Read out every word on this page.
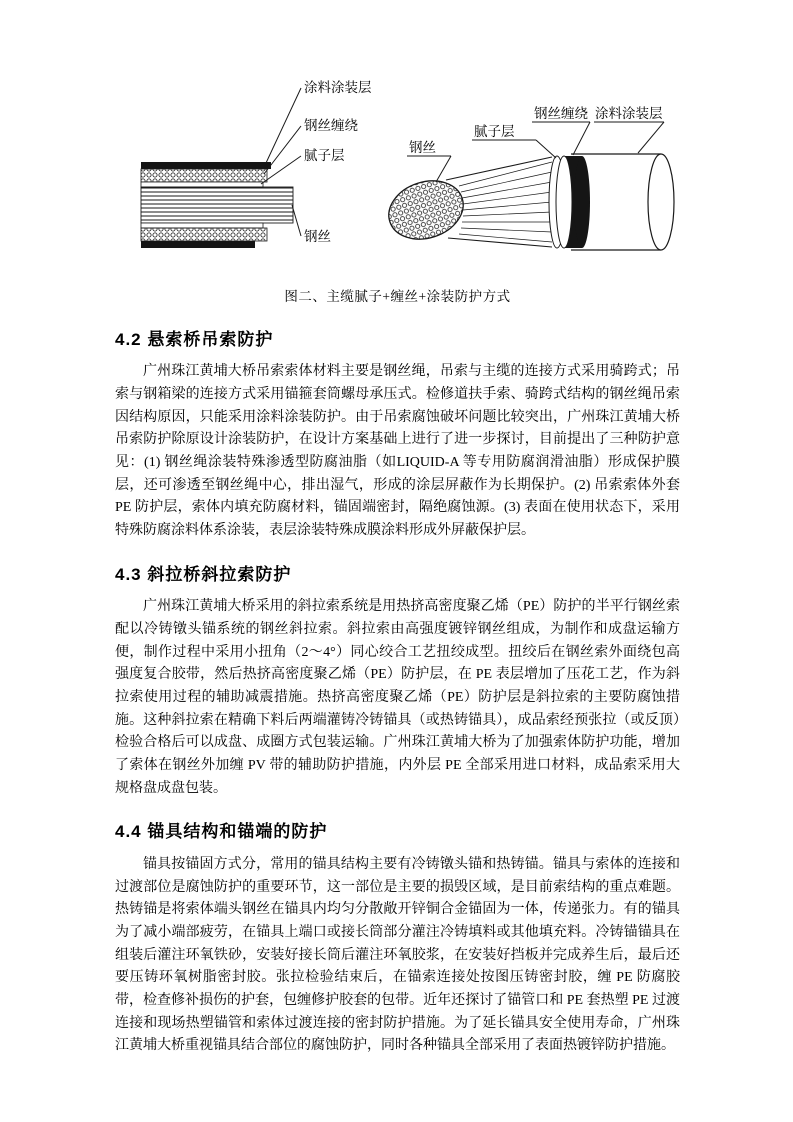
涂料涂装层
钢丝缠绕
腻子层
钢丝
钢丝
腻子层
钢丝缠绕 涂料涂装层
图二、主缆腻子+缠丝+涂装防护方式
4.2 悬索桥吊索防护

广州珠江黄埔大桥吊索索体材料主要是钢丝绳，吊索与主缆的连接方式采用骑跨式；吊索与钢箱梁的连接方式采用锚箍套筒螺母承压式。检修道扶手索、骑跨式结构的钢丝绳吊索因结构原因，只能采用涂料涂装防护。由于吊索腐蚀破坏问题比较突出，广州珠江黄埔大桥吊索防护除原设计涂装防护，在设计方案基础上进行了进一步探讨，目前提出了三种防护意见：(1) 钢丝绳涂装特殊渗透型防腐油脂（如LIQUID-A 等专用防腐润滑油脂）形成保护膜层，还可渗透至钢丝绳中心，排出湿气，形成的涂层屏蔽作为长期保护。(2) 吊索索体外套 PE 防护层，索体内填充防腐材料，锚固端密封，隔绝腐蚀源。(3) 表面在使用状态下，采用特殊防腐涂料体系涂装，表层涂装特殊成膜涂料形成外屏蔽保护层。

4.3 斜拉桥斜拉索防护

广州珠江黄埔大桥采用的斜拉索系统是用热挤高密度聚乙烯（PE）防护的半平行钢丝索配以冷铸镦头锚系统的钢丝斜拉索。斜拉索由高强度镀锌钢丝组成，为制作和成盘运输方便，制作过程中采用小扭角（2～4°）同心绞合工艺扭绞成型。扭绞后在钢丝索外面绕包高强度复合胶带，然后热挤高密度聚乙烯（PE）防护层，在 PE 表层增加了压花工艺，作为斜拉索使用过程的辅助减震措施。热挤高密度聚乙烯（PE）防护层是斜拉索的主要防腐蚀措施。这种斜拉索在精确下料后两端灌铸冷铸锚具（或热铸锚具），成品索经预张拉（或反顶）检验合格后可以成盘、成圈方式包装运输。广州珠江黄埔大桥为了加强索体防护功能，增加了索体在钢丝外加缠 PV 带的辅助防护措施，内外层 PE 全部采用进口材料，成品索采用大规格盘成盘包装。

4.4 锚具结构和锚端的防护

锚具按锚固方式分，常用的锚具结构主要有冷铸镦头锚和热铸锚。锚具与索体的连接和过渡部位是腐蚀防护的重要环节，这一部位是主要的损毁区域，是目前索结构的重点难题。热铸锚是将索体端头钢丝在锚具内均匀分散敞开锌铜合金锚固为一体，传递张力。有的锚具为了减小端部疲劳，在锚具上端口或接长筒部分灌注冷铸填料或其他填充料。冷铸锚锚具在组装后灌注环氧铁砂，安装好接长筒后灌注环氧胶浆，在安装好挡板并完成养生后，最后还要压铸环氧树脂密封胶。张拉检验结束后，在锚索连接处按图压铸密封胶，缠 PE 防腐胶带，检查修补损伤的护套，包缠修护胶套的包带。近年还探讨了锚管口和 PE 套热塑 PE 过渡连接和现场热塑锚管和索体过渡连接的密封防护措施。为了延长锚具安全使用寿命，广州珠江黄埔大桥重视锚具结合部位的腐蚀防护，同时各种锚具全部采用了表面热镀锌防护措施。
